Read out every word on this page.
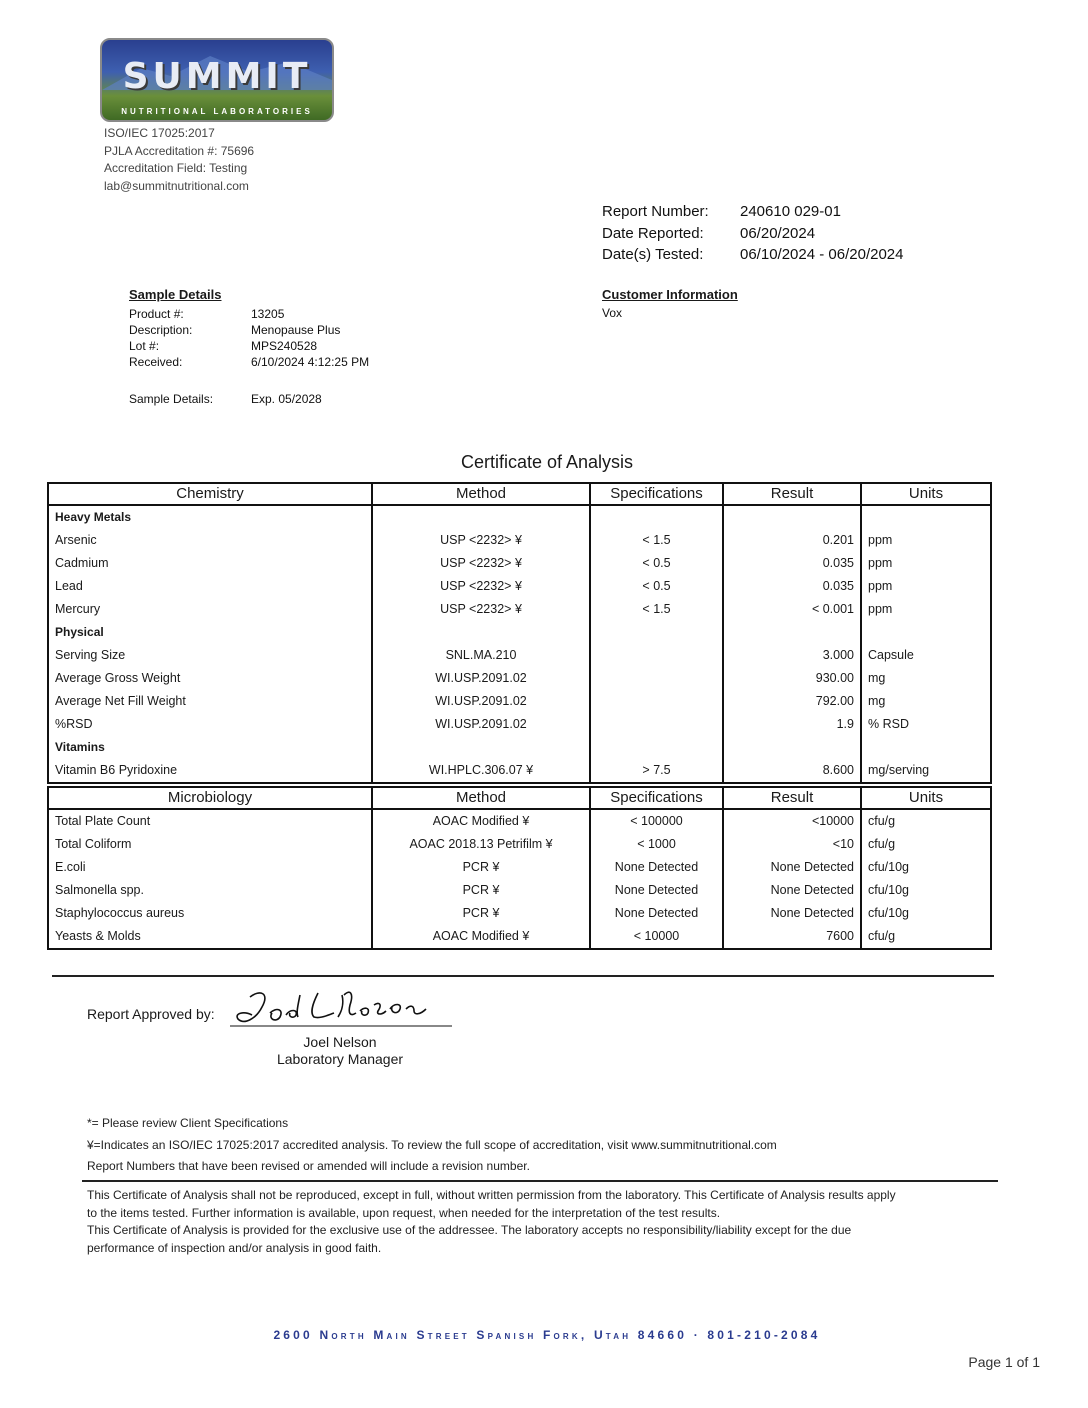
SUMMIT
NUTRITIONAL LABORATORIES
ISO/IEC 17025:2017
PJLA Accreditation #: 75696
Accreditation Field: Testing
lab@summitnutritional.com
Report Number: 240610 029-01
Date Reported: 06/20/2024
Date(s) Tested: 06/10/2024 - 06/20/2024
Sample Details
Product #:	13205
Description:	Menopause Plus
Lot #:	MPS240528
Received:	6/10/2024 4:12:25 PM
Sample Details:	Exp. 05/2028
Customer Information
Vox
Certificate of Analysis
Chemistry	Method	Specifications	Result	Units
Heavy Metals				
Arsenic	USP <2232> ¥	< 1.5	0.201	ppm
Cadmium	USP <2232> ¥	< 0.5	0.035	ppm
Lead	USP <2232> ¥	< 0.5	0.035	ppm
Mercury	USP <2232> ¥	< 1.5	< 0.001	ppm
Physical				
Serving Size	SNL.MA.210		3.000	Capsule
Average Gross Weight	WI.USP.2091.02		930.00	mg
Average Net Fill Weight	WI.USP.2091.02		792.00	mg
%RSD	WI.USP.2091.02		1.9	% RSD
Vitamins				
Vitamin B6 Pyridoxine	WI.HPLC.306.07 ¥	> 7.5	8.600	mg/serving
Microbiology	Method	Specifications	Result	Units
Total Plate Count	AOAC Modified ¥	< 100000	<10000	cfu/g
Total Coliform	AOAC 2018.13 Petrifilm ¥	< 1000	<10	cfu/g
E.coli	PCR ¥	None Detected	None Detected	cfu/10g
Salmonella spp.	PCR ¥	None Detected	None Detected	cfu/10g
Staphylococcus aureus	PCR ¥	None Detected	None Detected	cfu/10g
Yeasts & Molds	AOAC Modified ¥	< 10000	7600	cfu/g
Report Approved by:
Joel Nelson
Laboratory Manager
*= Please review Client Specifications
¥=Indicates an ISO/IEC 17025:2017 accredited analysis. To review the full scope of accreditation, visit www.summitnutritional.com
Report Numbers that have been revised or amended will include a revision number.
This Certificate of Analysis shall not be reproduced, except in full, without written permission from the laboratory. This Certificate of Analysis results apply
to the items tested. Further information is available, upon request, when needed for the interpretation of the test results.
This Certificate of Analysis is provided for the exclusive use of the addressee. The laboratory accepts no responsibility/liability except for the due
performance of inspection and/or analysis in good faith.
2600 North Main Street Spanish Fork, Utah 84660 · 801-210-2084
Page 1 of 1
